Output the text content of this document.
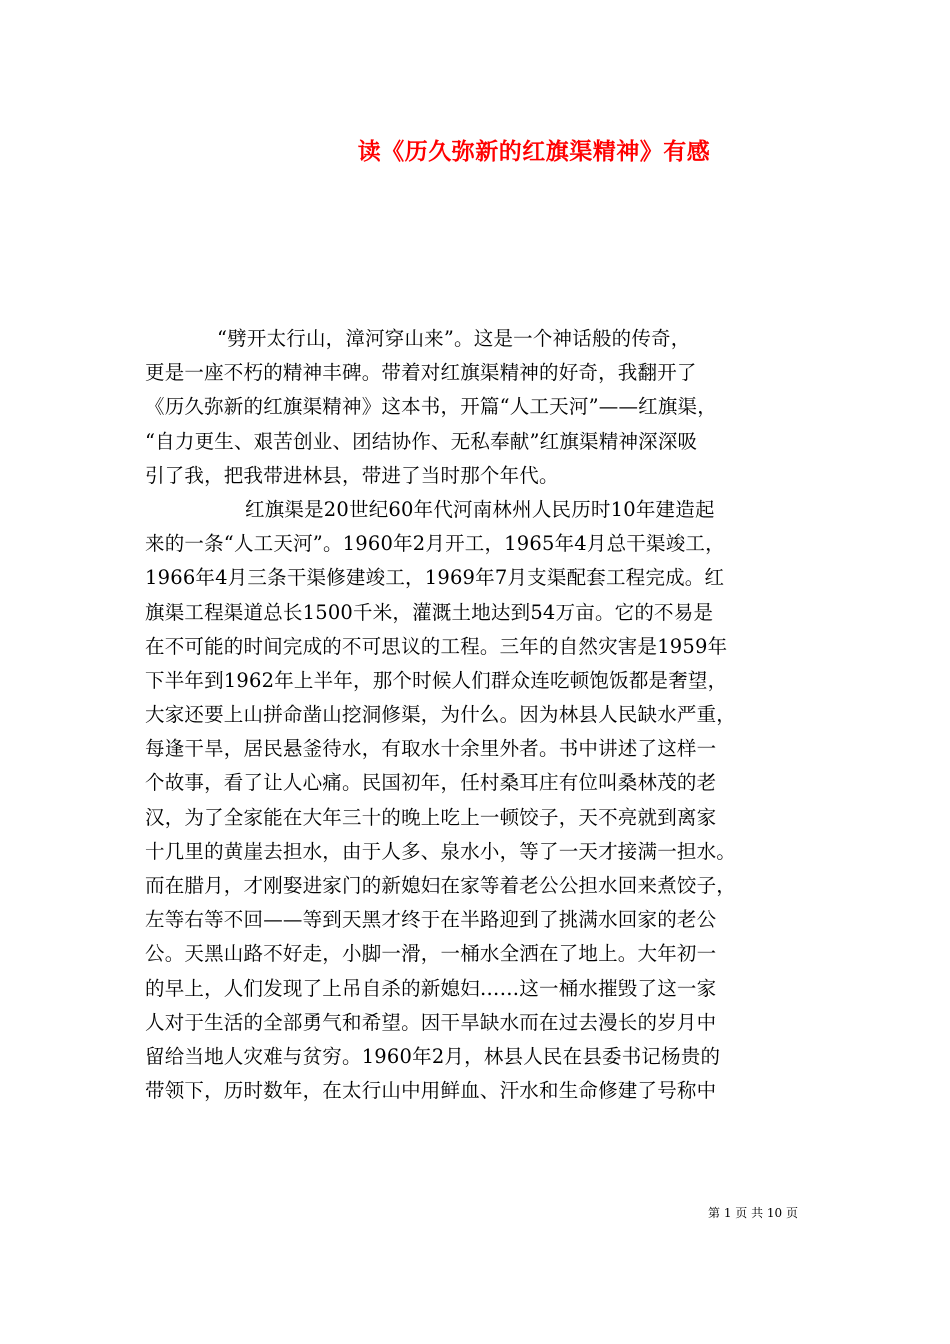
读《历久弥新的红旗渠精神》有感
“劈开太行山，漳河穿山来”。这是一个神话般的传奇，
更是一座不朽的精神丰碑。带着对红旗渠精神的好奇，我翻开了
《历久弥新的红旗渠精神》这本书，开篇“人工天河”——红旗渠，
“自力更生、艰苦创业、团结协作、无私奉献”红旗渠精神深深吸
引了我，把我带进林县，带进了当时那个年代。
红旗渠是20世纪60年代河南林州人民历时10年建造起
来的一条“人工天河”。1960年2月开工，1965年4月总干渠竣工，
1966年4月三条干渠修建竣工，1969年7月支渠配套工程完成。红
旗渠工程渠道总长1500千米，灌溉土地达到54万亩。它的不易是
在不可能的时间完成的不可思议的工程。三年的自然灾害是1959年
下半年到1962年上半年，那个时候人们群众连吃顿饱饭都是奢望，
大家还要上山拼命凿山挖洞修渠，为什么。因为林县人民缺水严重，
每逢干旱，居民悬釜待水，有取水十余里外者。书中讲述了这样一
个故事，看了让人心痛。民国初年，任村桑耳庄有位叫桑林茂的老
汉，为了全家能在大年三十的晚上吃上一顿饺子，天不亮就到离家
十几里的黄崖去担水，由于人多、泉水小，等了一天才接满一担水。
而在腊月，才刚娶进家门的新媳妇在家等着老公公担水回来煮饺子，
左等右等不回——等到天黑才终于在半路迎到了挑满水回家的老公
公。天黑山路不好走，小脚一滑，一桶水全洒在了地上。大年初一
的早上，人们发现了上吊自杀的新媳妇……这一桶水摧毁了这一家
人对于生活的全部勇气和希望。因干旱缺水而在过去漫长的岁月中
留给当地人灾难与贫穷。1960年2月，林县人民在县委书记杨贵的
带领下，历时数年，在太行山中用鲜血、汗水和生命修建了号称中
第 1 页 共 10 页
